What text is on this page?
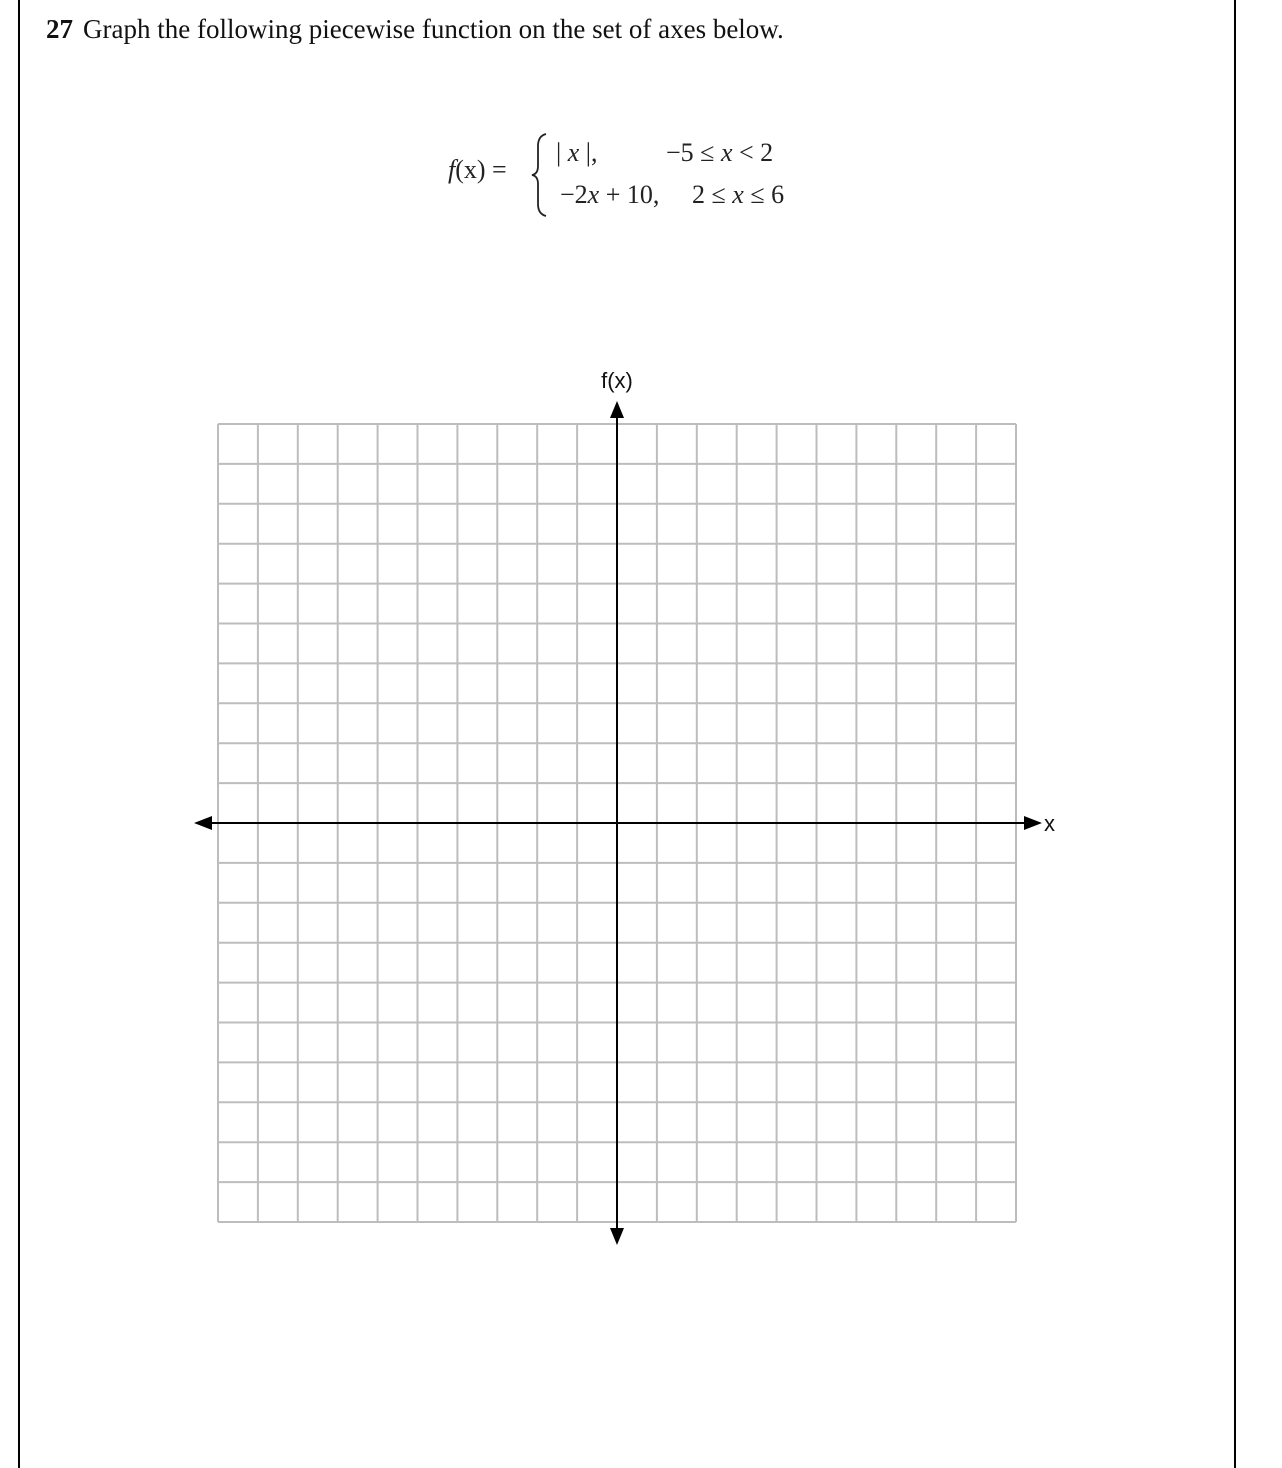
27 Graph the following piecewise function on the set of axes below.
f(x) =
| x |,	−5 ≤ x < 2
−2x + 10, 2 ≤ x ≤ 6
f(x)
x
